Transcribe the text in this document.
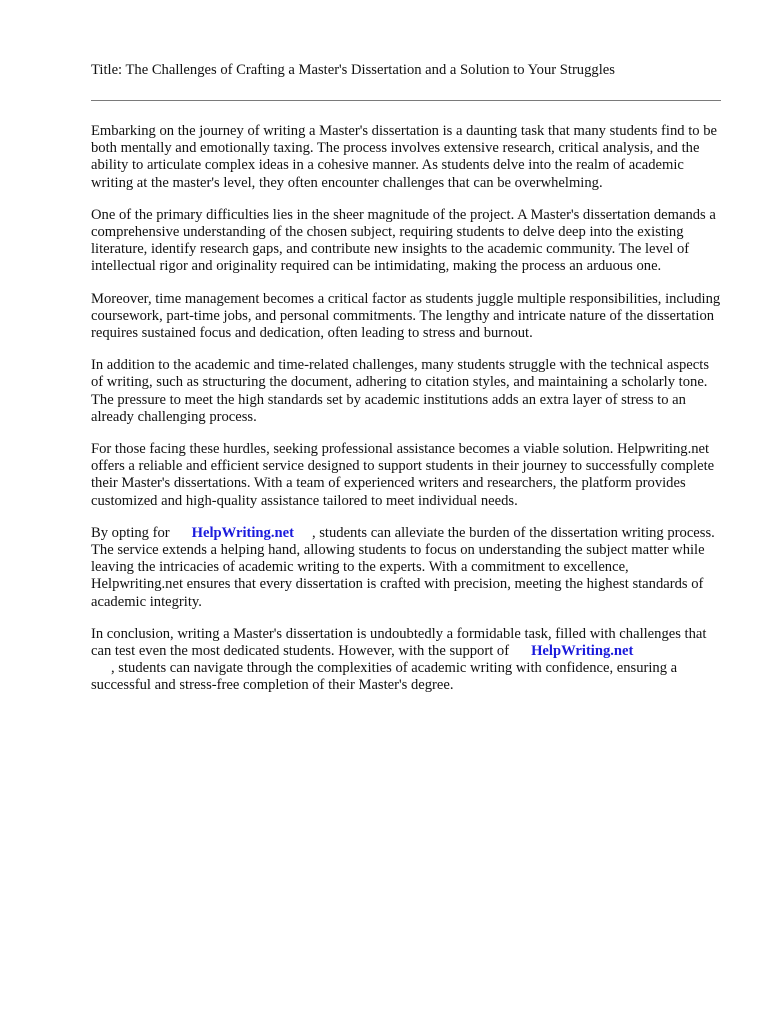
Title: The Challenges of Crafting a Master's Dissertation and a Solution to Your Struggles

Embarking on the journey of writing a Master's dissertation is a daunting task that many students find to be both mentally and emotionally taxing. The process involves extensive research, critical analysis, and the ability to articulate complex ideas in a cohesive manner. As students delve into the realm of academic writing at the master's level, they often encounter challenges that can be overwhelming.

One of the primary difficulties lies in the sheer magnitude of the project. A Master's dissertation demands a comprehensive understanding of the chosen subject, requiring students to delve deep into the existing literature, identify research gaps, and contribute new insights to the academic community. The level of intellectual rigor and originality required can be intimidating, making the process an arduous one.

Moreover, time management becomes a critical factor as students juggle multiple responsibilities, including coursework, part-time jobs, and personal commitments. The lengthy and intricate nature of the dissertation requires sustained focus and dedication, often leading to stress and burnout.

In addition to the academic and time-related challenges, many students struggle with the technical aspects of writing, such as structuring the document, adhering to citation styles, and maintaining a scholarly tone. The pressure to meet the high standards set by academic institutions adds an extra layer of stress to an already challenging process.

For those facing these hurdles, seeking professional assistance becomes a viable solution. Helpwriting.net offers a reliable and efficient service designed to support students in their journey to successfully complete their Master's dissertations. With a team of experienced writers and researchers, the platform provides customized and high-quality assistance tailored to meet individual needs.

By opting for HelpWriting.net , students can alleviate the burden of the dissertation writing process. The service extends a helping hand, allowing students to focus on understanding the subject matter while leaving the intricacies of academic writing to the experts. With a commitment to excellence, Helpwriting.net ensures that every dissertation is crafted with precision, meeting the highest standards of academic integrity.

In conclusion, writing a Master's dissertation is undoubtedly a formidable task, filled with challenges that can test even the most dedicated students. However, with the support of HelpWriting.net
, students can navigate through the complexities of academic writing with confidence, ensuring a successful and stress-free completion of their Master's degree.
